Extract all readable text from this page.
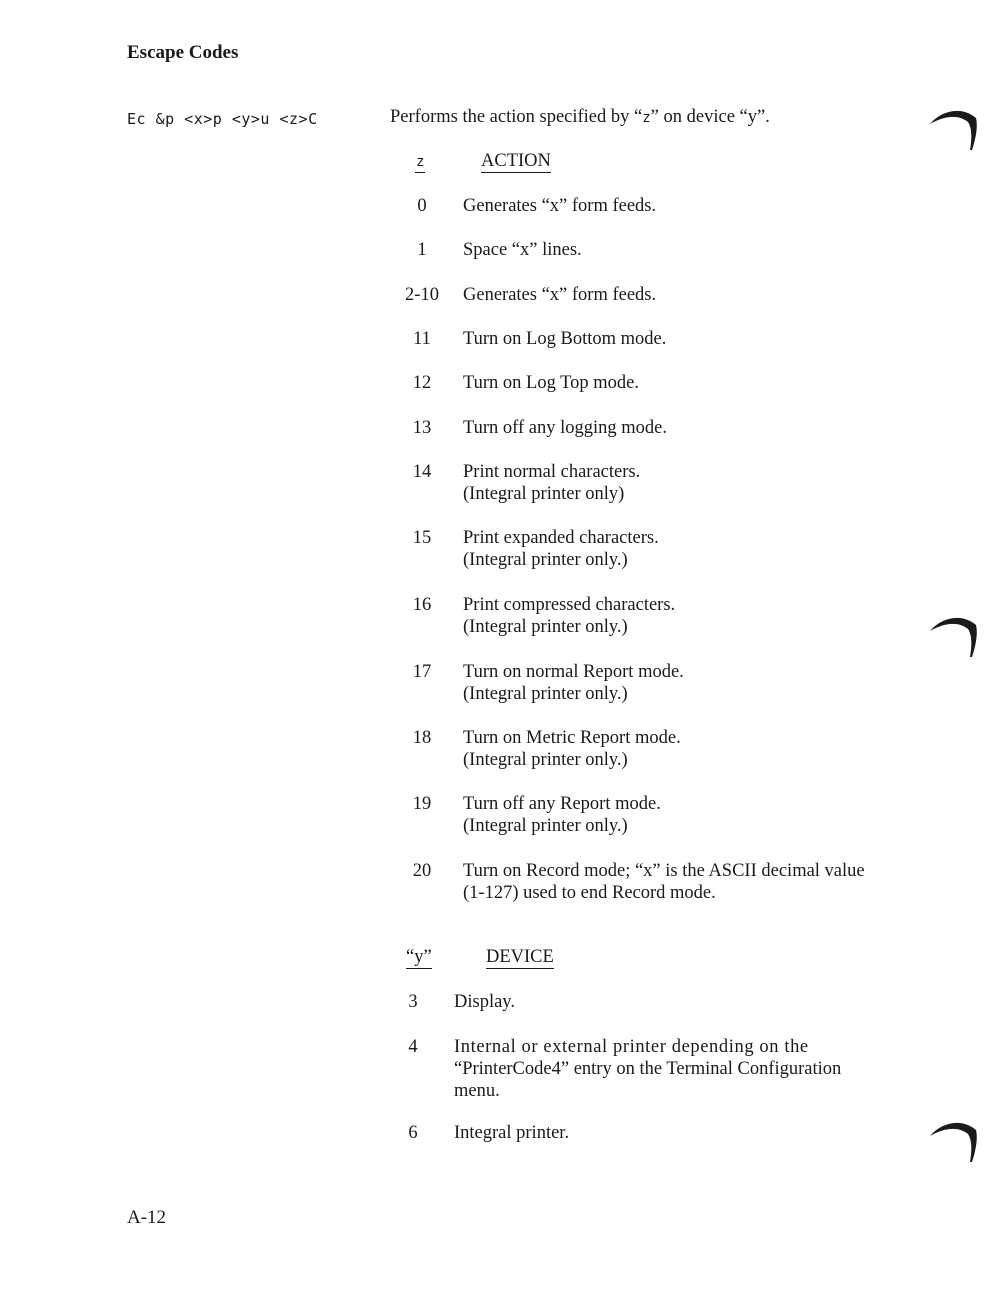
Escape Codes
Ec &p <x>p <y>u <z>C	Performs the action specified by “z” on device “y”.
z	ACTION
0	Generates “x” form feeds.
1	Space “x” lines.
2-10	Generates “x” form feeds.
11	Turn on Log Bottom mode.
12	Turn on Log Top mode.
13	Turn off any logging mode.
14	Print normal characters.
(Integral printer only)
15	Print expanded characters.
(Integral printer only.)
16	Print compressed characters.
(Integral printer only.)
17	Turn on normal Report mode.
(Integral printer only.)
18	Turn on Metric Report mode.
(Integral printer only.)
19	Turn off any Report mode.
(Integral printer only.)
20	Turn on Record mode; “x” is the ASCII decimal value
(1-127) used to end Record mode.
“y”	DEVICE
3	Display.
4	Internal or external printer depending on the
“PrinterCode4” entry on the Terminal Configuration
menu.
6	Integral printer.
A-12
